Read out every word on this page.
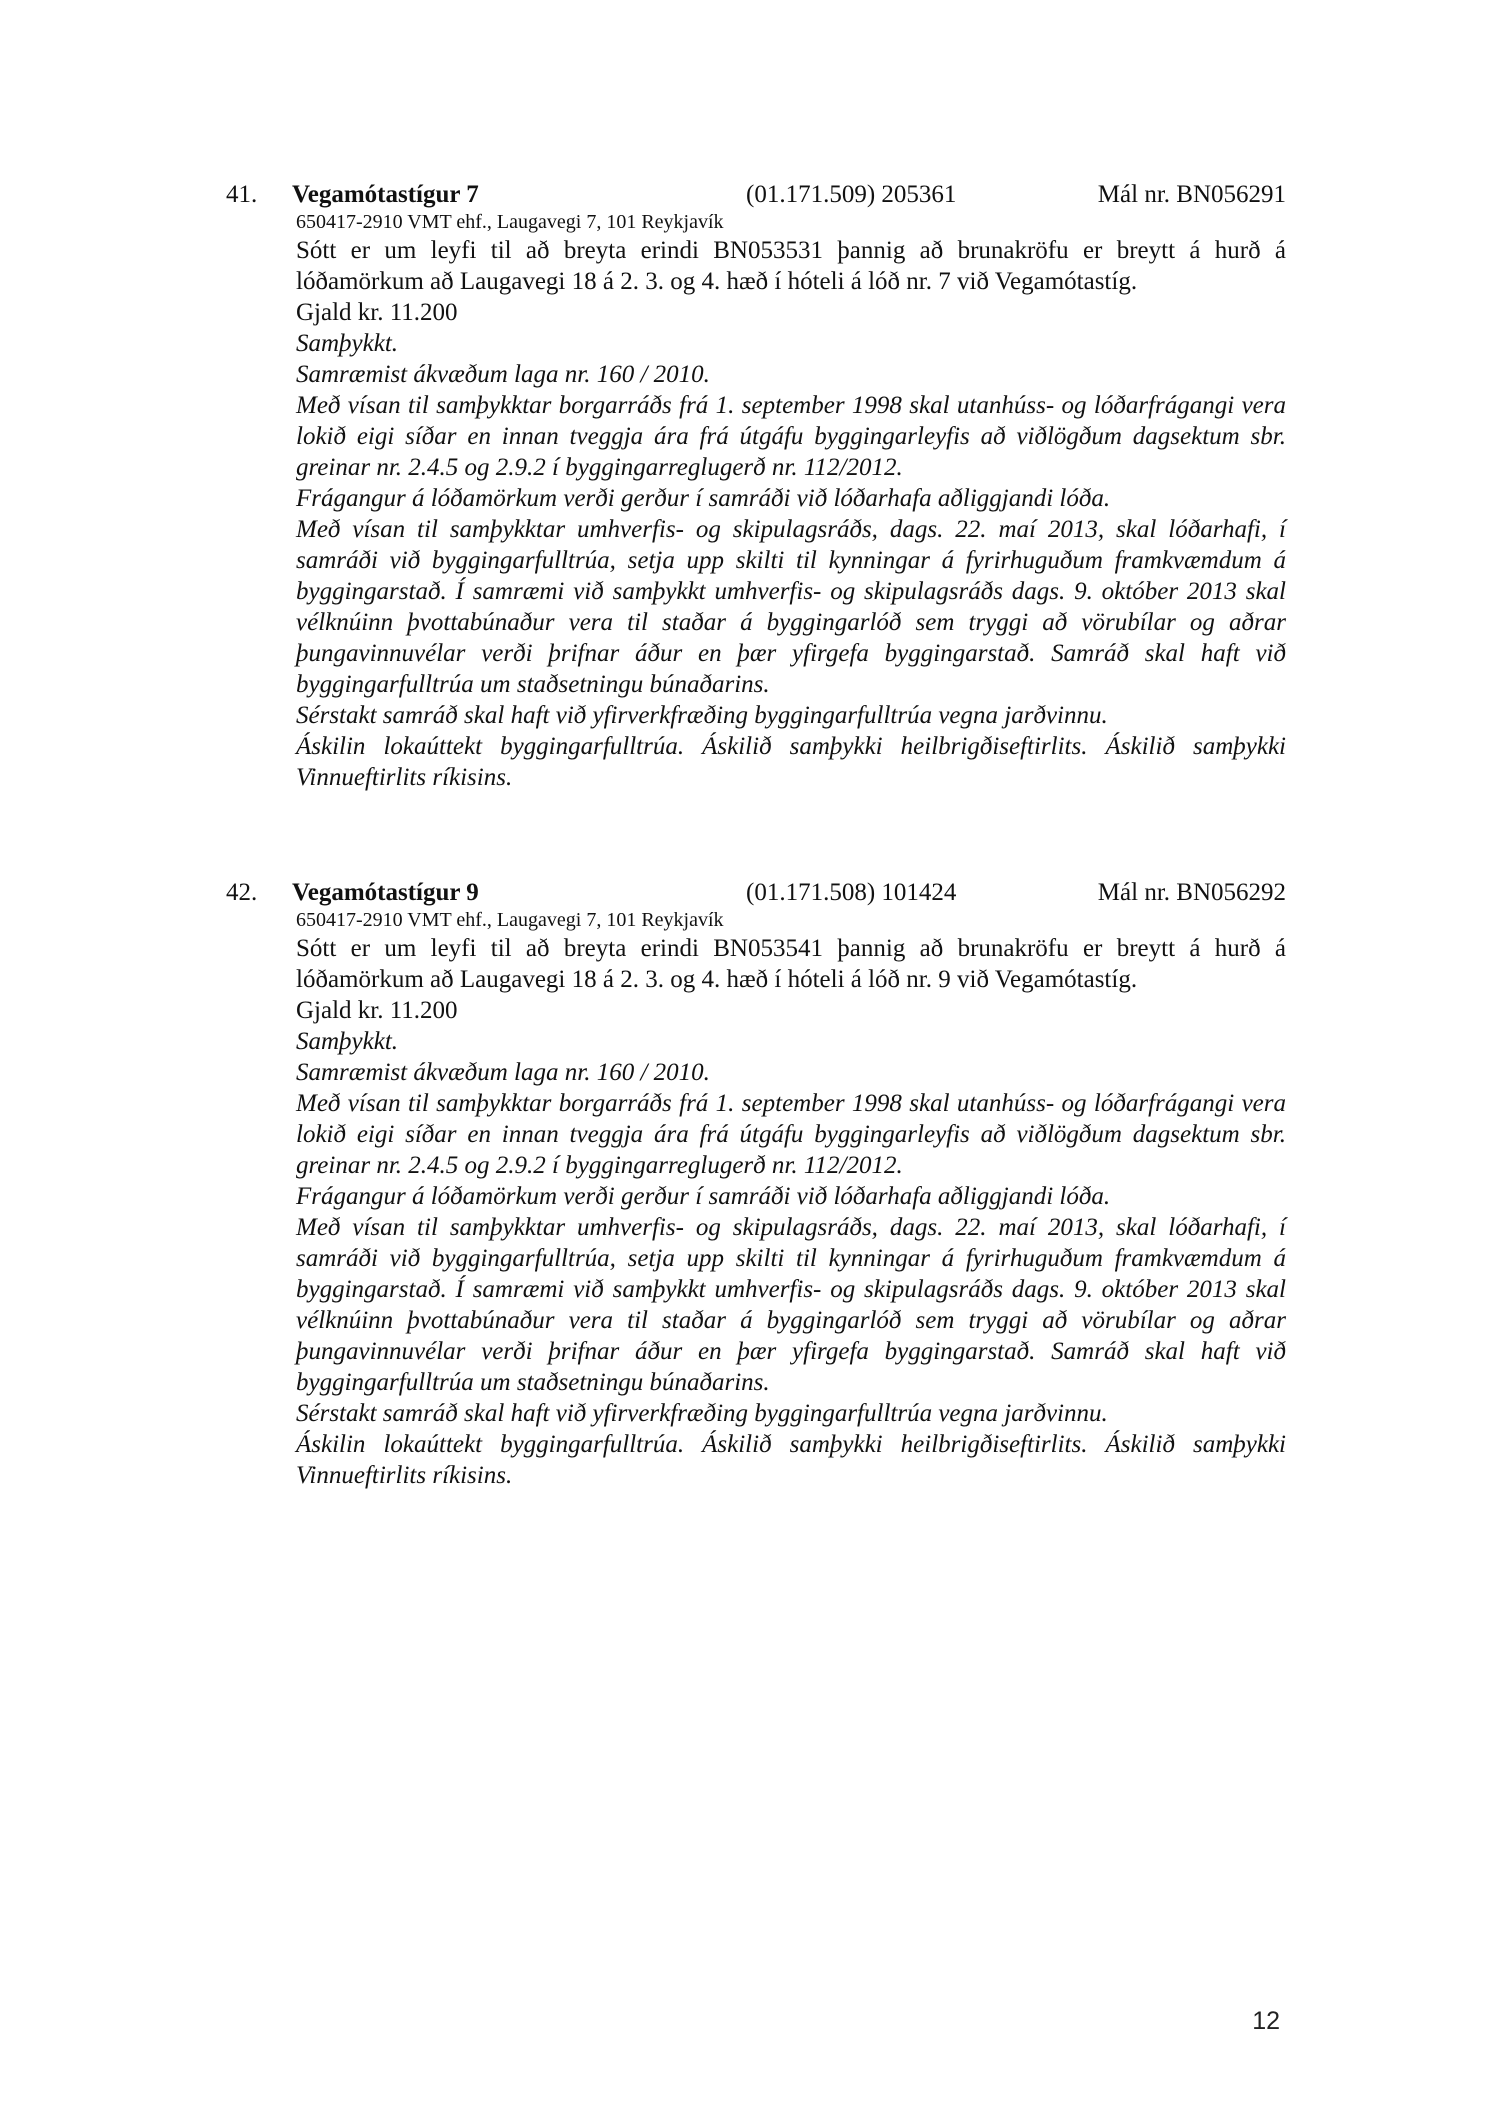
41. Vegamótastígur 7	(01.171.509) 205361	Mál nr. BN056291

650417-2910 VMT ehf., Laugavegi 7, 101 Reykjavík

Sótt er um leyfi til að breyta erindi BN053531 þannig að brunakröfu er breytt á hurð á lóðamörkum að Laugavegi 18 á 2. 3. og 4. hæð í hóteli á lóð nr. 7 við Vegamótastíg.

Gjald kr. 11.200

Samþykkt.

Samræmist ákvæðum laga nr. 160 / 2010.

Með vísan til samþykktar borgarráðs frá 1. september 1998 skal utanhúss- og lóðarfrágangi vera lokið eigi síðar en innan tveggja ára frá útgáfu byggingarleyfis að viðlögðum dagsektum sbr. greinar nr. 2.4.5 og 2.9.2 í byggingarreglugerð nr. 112/2012.

Frágangur á lóðamörkum verði gerður í samráði við lóðarhafa aðliggjandi lóða.

Með vísan til samþykktar umhverfis- og skipulagsráðs, dags. 22. maí 2013, skal lóðarhafi, í samráði við byggingarfulltrúa, setja upp skilti til kynningar á fyrirhuguðum framkvæmdum á byggingarstað. Í samræmi við samþykkt umhverfis- og skipulagsráðs dags. 9. október 2013 skal vélknúinn þvottabúnaður vera til staðar á byggingarlóð sem tryggi að vörubílar og aðrar þungavinnuvélar verði þrifnar áður en þær yfirgefa byggingarstað. Samráð skal haft við byggingarfulltrúa um staðsetningu búnaðarins.

Sérstakt samráð skal haft við yfirverkfræðing byggingarfulltrúa vegna jarðvinnu.

Áskilin lokaúttekt byggingarfulltrúa. Áskilið samþykki heilbrigðiseftirlits. Áskilið samþykki Vinnueftirlits ríkisins.

42. Vegamótastígur 9	(01.171.508) 101424	Mál nr. BN056292

650417-2910 VMT ehf., Laugavegi 7, 101 Reykjavík

Sótt er um leyfi til að breyta erindi BN053541 þannig að brunakröfu er breytt á hurð á lóðamörkum að Laugavegi 18 á 2. 3. og 4. hæð í hóteli á lóð nr. 9 við Vegamótastíg.

Gjald kr. 11.200

Samþykkt.

Samræmist ákvæðum laga nr. 160 / 2010.

Með vísan til samþykktar borgarráðs frá 1. september 1998 skal utanhúss- og lóðarfrágangi vera lokið eigi síðar en innan tveggja ára frá útgáfu byggingarleyfis að viðlögðum dagsektum sbr. greinar nr. 2.4.5 og 2.9.2 í byggingarreglugerð nr. 112/2012.

Frágangur á lóðamörkum verði gerður í samráði við lóðarhafa aðliggjandi lóða.

Með vísan til samþykktar umhverfis- og skipulagsráðs, dags. 22. maí 2013, skal lóðarhafi, í samráði við byggingarfulltrúa, setja upp skilti til kynningar á fyrirhuguðum framkvæmdum á byggingarstað. Í samræmi við samþykkt umhverfis- og skipulagsráðs dags. 9. október 2013 skal vélknúinn þvottabúnaður vera til staðar á byggingarlóð sem tryggi að vörubílar og aðrar þungavinnuvélar verði þrifnar áður en þær yfirgefa byggingarstað. Samráð skal haft við byggingarfulltrúa um staðsetningu búnaðarins.

Sérstakt samráð skal haft við yfirverkfræðing byggingarfulltrúa vegna jarðvinnu.

Áskilin lokaúttekt byggingarfulltrúa. Áskilið samþykki heilbrigðiseftirlits. Áskilið samþykki Vinnueftirlits ríkisins.

12
